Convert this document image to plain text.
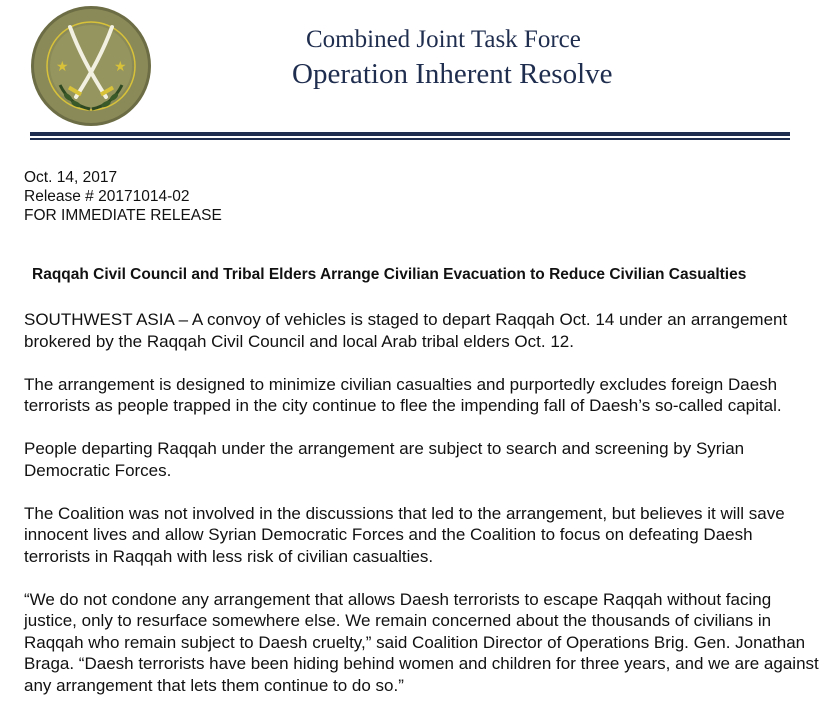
★	★
Combined Joint Task Force
Operation Inherent Resolve
Oct. 14, 2017
Release # 20171014-02
FOR IMMEDIATE RELEASE
Raqqah Civil Council and Tribal Elders Arrange Civilian Evacuation to Reduce Civilian Casualties

SOUTHWEST ASIA – A convoy of vehicles is staged to depart Raqqah Oct. 14 under an arrangement brokered by the Raqqah Civil Council and local Arab tribal elders Oct. 12.

The arrangement is designed to minimize civilian casualties and purportedly excludes foreign Daesh terrorists as people trapped in the city continue to flee the impending fall of Daesh’s so-called capital.

People departing Raqqah under the arrangement are subject to search and screening by Syrian Democratic Forces.

The Coalition was not involved in the discussions that led to the arrangement, but believes it will save innocent lives and allow Syrian Democratic Forces and the Coalition to focus on defeating Daesh terrorists in Raqqah with less risk of civilian casualties.

“We do not condone any arrangement that allows Daesh terrorists to escape Raqqah without facing justice, only to resurface somewhere else. We remain concerned about the thousands of civilians in Raqqah who remain subject to Daesh cruelty,” said Coalition Director of Operations Brig. Gen. Jonathan Braga. “Daesh terrorists have been hiding behind women and children for three years, and we are against any arrangement that lets them continue to do so.”
